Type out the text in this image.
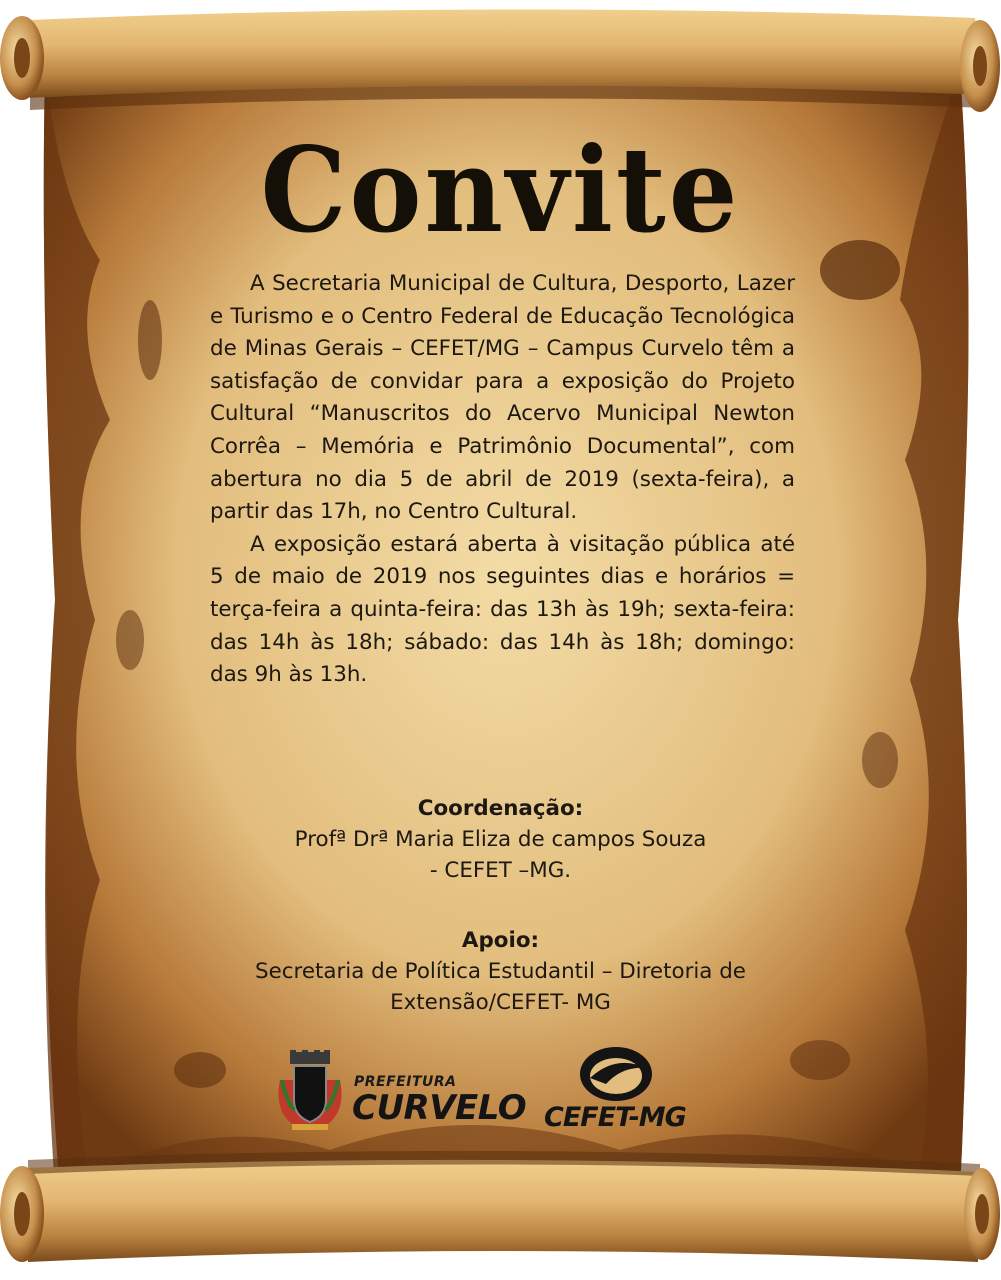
Convite

A Secretaria Municipal de Cultura, Desporto, Lazer e Turismo e o Centro Federal de Educação Tecnológica de Minas Gerais – CEFET/MG – Campus Curvelo têm a satisfação de convidar para a exposição do Projeto Cultural “Manuscritos do Acervo Municipal Newton Corrêa – Memória e Patrimônio Documental”, com abertura no dia 5 de abril de 2019 (sexta-feira), a partir das 17h, no Centro Cultural.

A exposição estará aberta à visitação pública até 5 de maio de 2019 nos seguintes dias e horários = terça-feira a quinta-feira: das 13h às 19h; sexta-feira: das 14h às 18h; sábado: das 14h às 18h; domingo: das 9h às 13h.

Coordenação:
Profª Drª Maria Eliza de campos Souza
- CEFET –MG.
Apoio:
Secretaria de Política Estudantil – Diretoria de
Extensão/CEFET- MG
PREFEITURA
CURVELO CEFET-MG
